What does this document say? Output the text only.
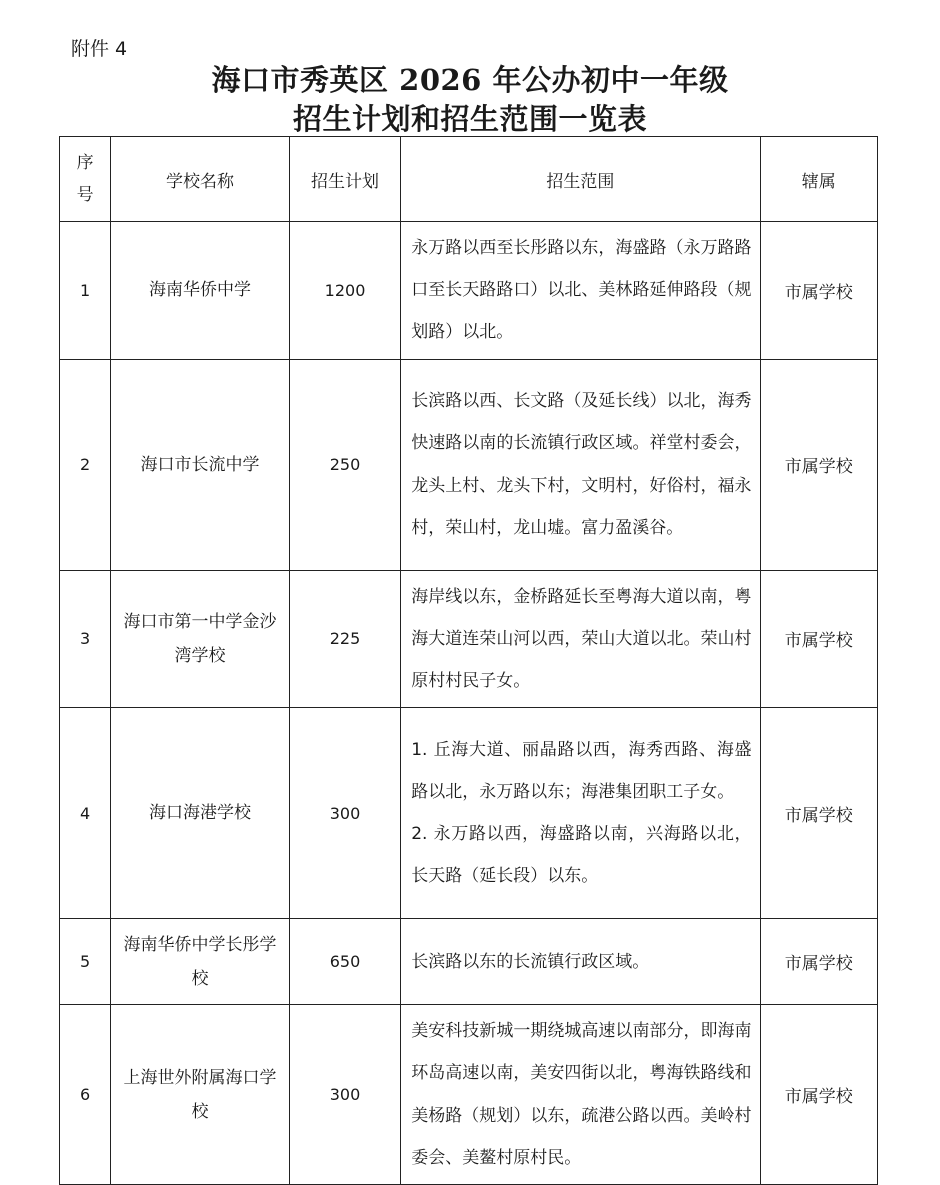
附件 4
海口市秀英区 2026 年公办初中一年级
招生计划和招生范围一览表
序
号	学校名称	招生计划	招生范围	辖属
1	海南华侨中学	1200	永万路以西至长彤路以东，海盛路（永万路路口至长天路路口）以北、美林路延伸路段（规划路）以北。	市属学校
2	海口市长流中学	250	长滨路以西、长文路（及延长线）以北，海秀快速路以南的长流镇行政区域。祥堂村委会，龙头上村、龙头下村，文明村，好俗村，福永村，荣山村，龙山墟。富力盈溪谷。	市属学校
3	海口市第一中学金沙湾学校	225	海岸线以东，金桥路延长至粤海大道以南，粤海大道连荣山河以西，荣山大道以北。荣山村原村村民子女。	市属学校
4	海口海港学校	300	1. 丘海大道、丽晶路以西，海秀西路、海盛路以北，永万路以东；海港集团职工子女。
2. 永万路以西，海盛路以南，兴海路以北，长天路（延长段）以东。	市属学校
5	海南华侨中学长彤学校	650	长滨路以东的长流镇行政区域。	市属学校
6	上海世外附属海口学校	300	美安科技新城一期绕城高速以南部分，即海南环岛高速以南，美安四街以北，粤海铁路线和美杨路（规划）以东，疏港公路以西。美岭村委会、美鳌村原村民。	市属学校
